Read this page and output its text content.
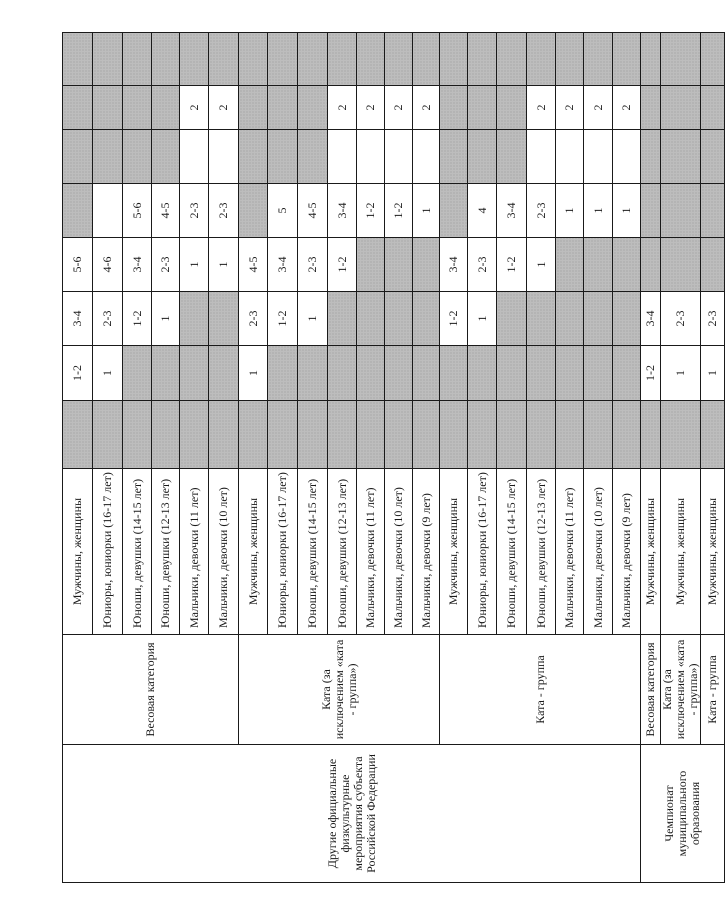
Другие официальные физкультурные мероприятия субъекта Российской Федерации	Весовая категория	Мужчины, женщины		1-2	3-4	5-6				
		Юниоры, юниорки (16-17 лет)		1	2-3	4-6				
		Юноши, девушки (14-15 лет)			1-2	3-4	5-6			
		Юноши, девушки (12-13 лет)			1	2-3	4-5			
		Мальчики, девочки (11 лет)				1	2-3		2	
		Мальчики, девочки (10 лет)				1	2-3		2	
	Ката (за исключением «ката - группа»)	Мужчины, женщины		1	2-3	4-5				
		Юниоры, юниорки (16-17 лет)			1-2	3-4	5			
		Юноши, девушки (14-15 лет)			1	2-3	4-5			
		Юноши, девушки (12-13 лет)				1-2	3-4		2	
		Мальчики, девочки (11 лет)					1-2		2	
		Мальчики, девочки (10 лет)					1-2		2	
		Мальчики, девочки (9 лет)					1		2	
	Ката - группа	Мужчины, женщины			1-2	3-4				
		Юниоры, юниорки (16-17 лет)			1	2-3	4			
		Юноши, девушки (14-15 лет)				1-2	3-4			
		Юноши, девушки (12-13 лет)				1	2-3		2	
		Мальчики, девочки (11 лет)					1		2	
		Мальчики, девочки (10 лет)					1		2	
		Мальчики, девочки (9 лет)					1		2	
Чемпионат муниципального образования	Весовая категория	Мужчины, женщины		1-2	3-4					
	Ката (за исключением «ката - группа»)	Мужчины, женщины		1	2-3					
	Ката - группа	Мужчины, женщины		1	2-3					
